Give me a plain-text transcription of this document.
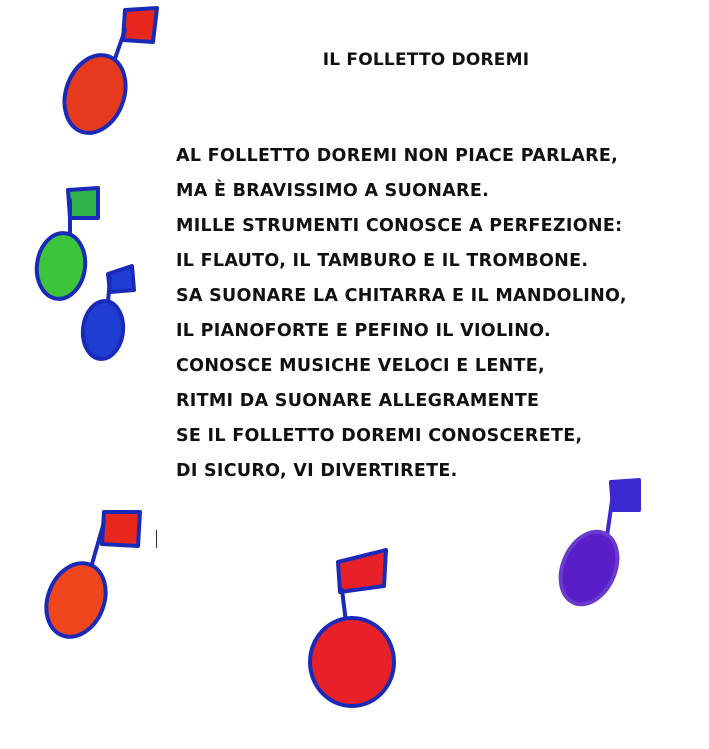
IL FOLLETTO DOREMI
AL FOLLETTO DOREMI NON PIACE PARLARE,
MA È BRAVISSIMO A SUONARE.
MILLE STRUMENTI CONOSCE A PERFEZIONE:
IL FLAUTO, IL TAMBURO E IL TROMBONE.
SA SUONARE LA CHITARRA E IL MANDOLINO,
IL PIANOFORTE E PEFINO IL VIOLINO.
CONOSCE MUSICHE VELOCI E LENTE,
RITMI DA SUONARE ALLEGRAMENTE
SE IL FOLLETTO DOREMI CONOSCERETE,
DI SICURO, VI DIVERTIRETE.
